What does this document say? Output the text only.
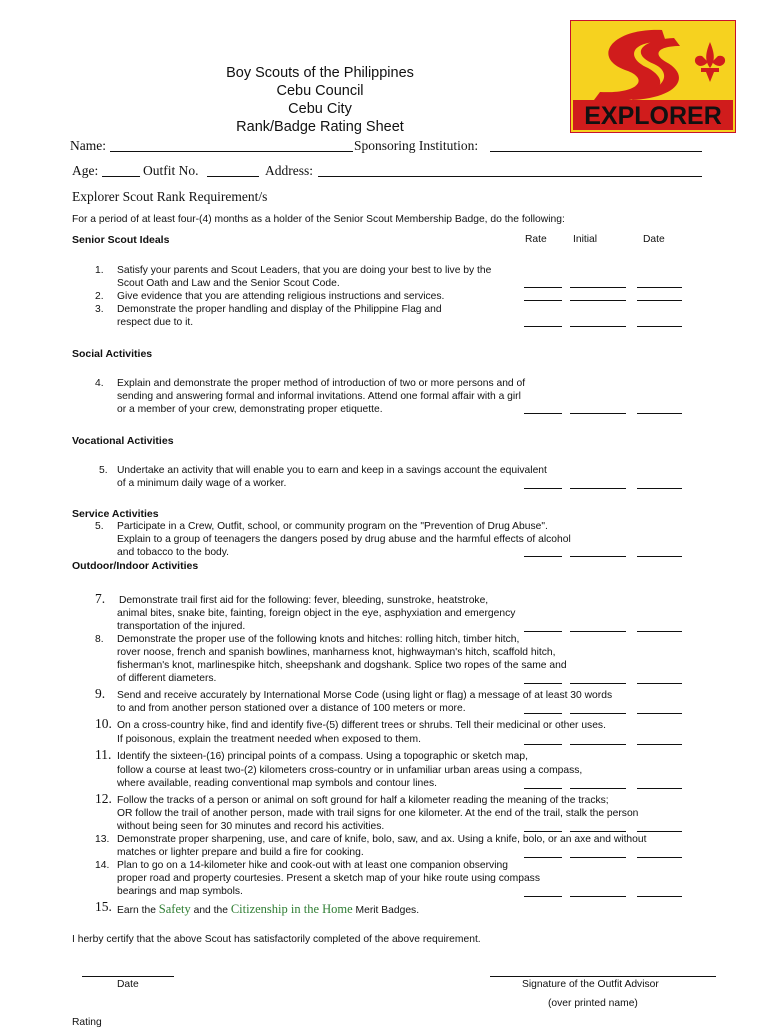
EXPLORER
Boy Scouts of the Philippines
Cebu Council
Cebu City
Rank/Badge Rating Sheet
Name:	Sponsoring Institution:
Age:	Outfit No.	Address:
Explorer Scout Rank Requirement/s
For a period of at least four-(4) months as a holder of the Senior Scout Membership Badge, do the following:
Senior Scout Ideals	Rate	Initial	Date
1. Satisfy your parents and Scout Leaders, that you are doing your best to live by the
Scout Oath and Law and the Senior Scout Code.
2. Give evidence that you are attending religious instructions and services.
3. Demonstrate the proper handling and display of the Philippine Flag and
respect due to it.
Social Activities
4. Explain and demonstrate the proper method of introduction of two or more persons and of
sending and answering formal and informal invitations. Attend one formal affair with a girl
or a member of your crew, demonstrating proper etiquette.
Vocational Activities
5. Undertake an activity that will enable you to earn and keep in a savings account the equivalent
of a minimum daily wage of a worker.
Service Activities
5. Participate in a Crew, Outfit, school, or community program on the "Prevention of Drug Abuse".
Explain to a group of teenagers the dangers posed by drug abuse and the harmful effects of alcohol
and tobacco to the body.
Outdoor/Indoor Activities
7. Demonstrate trail first aid for the following: fever, bleeding, sunstroke, heatstroke,
animal bites, snake bite, fainting, foreign object in the eye, asphyxiation and emergency
transportation of the injured.
8. Demonstrate the proper use of the following knots and hitches: rolling hitch, timber hitch,
rover noose, french and spanish bowlines, manharness knot, highwayman's hitch, scaffold hitch,
fisherman's knot, marlinespike hitch, sheepshank and dogshank. Splice two ropes of the same and
of different diameters.
9. Send and receive accurately by International Morse Code (using light or flag) a message of at least 30 words
to and from another person stationed over a distance of 100 meters or more.
10. On a cross-country hike, find and identify five-(5) different trees or shrubs. Tell their medicinal or other uses.
If poisonous, explain the treatment needed when exposed to them.
11. Identify the sixteen-(16) principal points of a compass. Using a topographic or sketch map,
follow a course at least two-(2) kilometers cross-country or in unfamiliar urban areas using a compass,
where available, reading conventional map symbols and contour lines.
12. Follow the tracks of a person or animal on soft ground for half a kilometer reading the meaning of the tracks;
OR follow the trail of another person, made with trail signs for one kilometer. At the end of the trail, stalk the person
without being seen for 30 minutes and record his activities.
13. Demonstrate proper sharpening, use, and care of knife, bolo, saw, and ax. Using a knife, bolo, or an axe and without
matches or lighter prepare and build a fire for cooking.
14. Plan to go on a 14-kilometer hike and cook-out with at least one companion observing
proper road and property courtesies. Present a sketch map of your hike route using compass
bearings and map symbols.
15. Earn the Safety and the Citizenship in the Home Merit Badges.
I herby certify that the above Scout has satisfactorily completed of the above requirement.
Date	Signature of the Outfit Advisor
(over printed name)
Rating
